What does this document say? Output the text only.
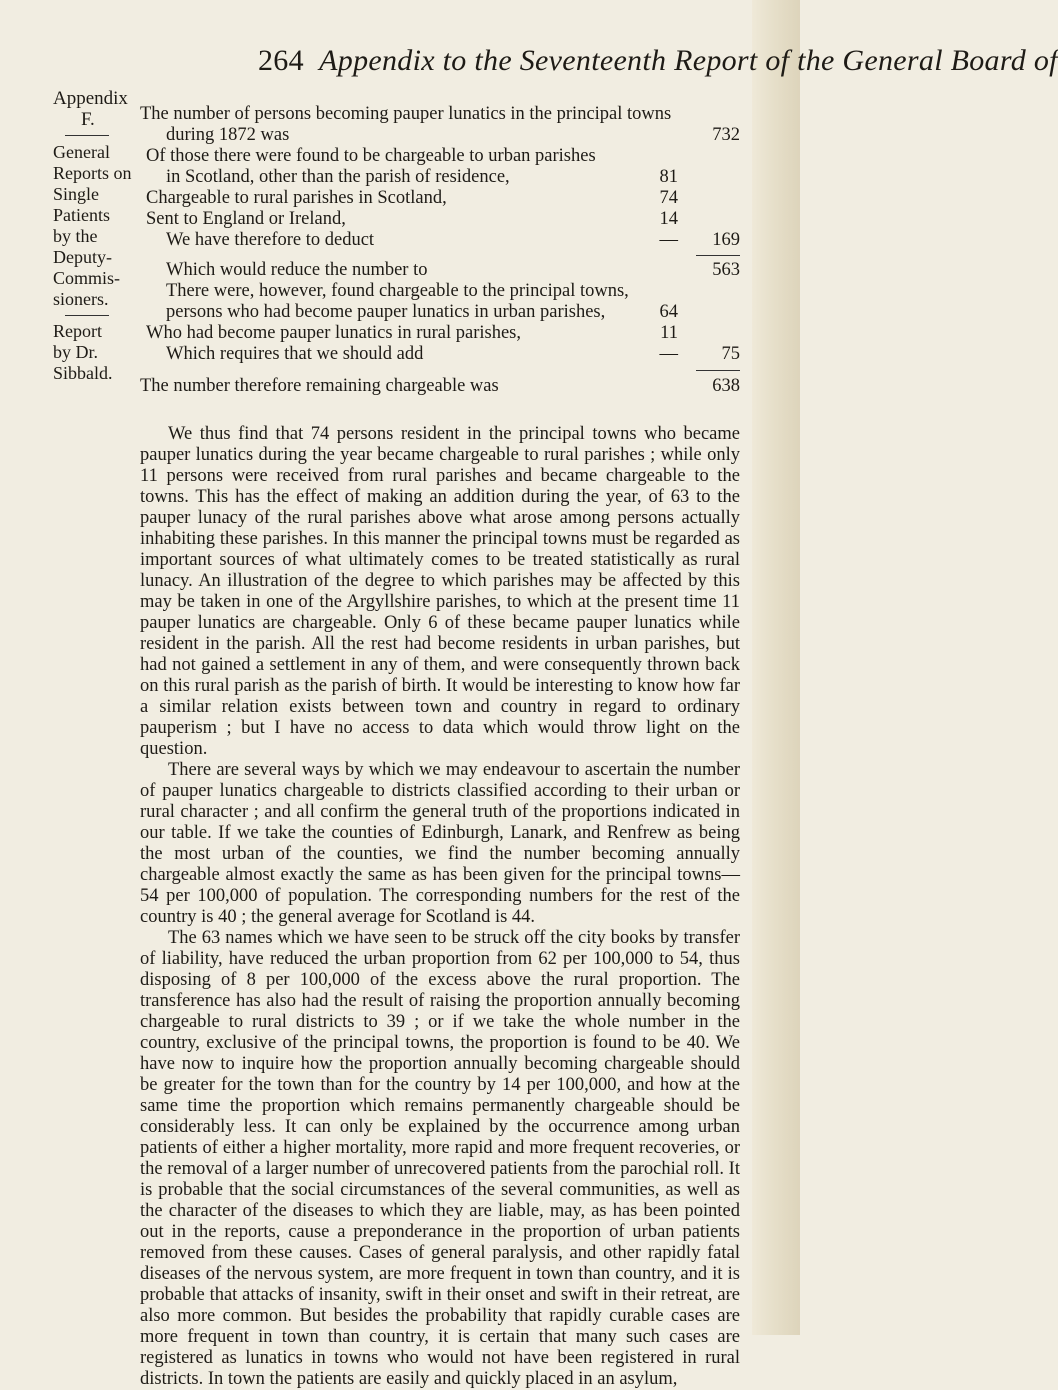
264 Appendix to the Seventeenth Report of the General Board of
Appendix
F.
General
Reports on
Single
Patients
by the
Deputy-
Commis-
sioners.
Report
by Dr.
Sibbald.
The number of persons becoming pauper lunatics in the principal towns
during 1872 was	732
Of those there were found to be chargeable to urban parishes
in Scotland, other than the parish of residence,	81
Chargeable to rural parishes in Scotland,	74
Sent to England or Ireland,	14
We have therefore to deduct	— 169
Which would reduce the number to	563
There were, however, found chargeable to the principal towns,
persons who had become pauper lunatics in urban parishes,	64
Who had become pauper lunatics in rural parishes,	11
Which requires that we should add	— 75
The number therefore remaining chargeable was	638

We thus find that 74 persons resident in the principal towns who became pauper lunatics during the year became chargeable to rural parishes ; while only 11 persons were received from rural parishes and became chargeable to the towns. This has the effect of making an addition during the year, of 63 to the pauper lunacy of the rural parishes above what arose among persons actually inhabiting these parishes. In this manner the principal towns must be regarded as important sources of what ultimately comes to be treated statistically as rural lunacy. An illustration of the degree to which parishes may be affected by this may be taken in one of the Argyllshire parishes, to which at the present time 11 pauper lunatics are chargeable. Only 6 of these became pauper lunatics while resident in the parish. All the rest had become residents in urban parishes, but had not gained a settlement in any of them, and were consequently thrown back on this rural parish as the parish of birth. It would be interesting to know how far a similar relation exists between town and country in regard to ordinary pauperism ; but I have no access to data which would throw light on the question.

There are several ways by which we may endeavour to ascertain the number of pauper lunatics chargeable to districts classified according to their urban or rural character ; and all confirm the general truth of the proportions indicated in our table. If we take the counties of Edinburgh, Lanark, and Renfrew as being the most urban of the counties, we find the number becoming annually chargeable almost exactly the same as has been given for the principal towns—54 per 100,000 of population. The corresponding numbers for the rest of the country is 40 ; the general average for Scotland is 44.

The 63 names which we have seen to be struck off the city books by transfer of liability, have reduced the urban proportion from 62 per 100,000 to 54, thus disposing of 8 per 100,000 of the excess above the rural proportion. The transference has also had the result of raising the proportion annually becoming chargeable to rural districts to 39 ; or if we take the whole number in the country, exclusive of the principal towns, the proportion is found to be 40. We have now to inquire how the proportion annually becoming chargeable should be greater for the town than for the country by 14 per 100,000, and how at the same time the proportion which remains permanently chargeable should be considerably less. It can only be explained by the occurrence among urban patients of either a higher mortality, more rapid and more frequent recoveries, or the removal of a larger number of unrecovered patients from the parochial roll. It is probable that the social circumstances of the several communities, as well as the character of the diseases to which they are liable, may, as has been pointed out in the reports, cause a preponderance in the proportion of urban patients removed from these causes. Cases of general paralysis, and other rapidly fatal diseases of the nervous system, are more frequent in town than country, and it is probable that attacks of insanity, swift in their onset and swift in their retreat, are also more common. But besides the probability that rapidly curable cases are more frequent in town than country, it is certain that many such cases are registered as lunatics in towns who would not have been registered in rural districts. In town the patients are easily and quickly placed in an asylum,
